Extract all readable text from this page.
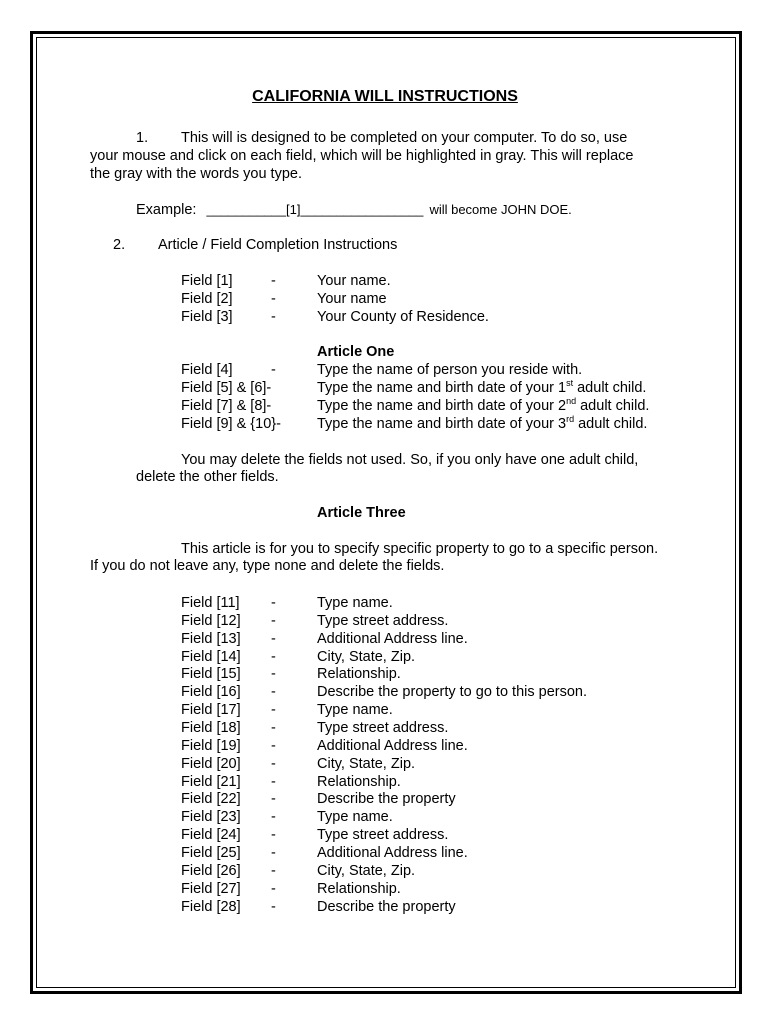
CALIFORNIA WILL INSTRUCTIONS
1. This will is designed to be completed on your computer. To do so, use
your mouse and click on each field, which will be highlighted in gray. This will replace
the gray with the words you type.
Example: ___________[1]_________________ will become JOHN DOE.
2. Article / Field Completion Instructions
Field [1]	-	Your name.
Field [2]	-	Your name
Field [3]	-	Your County of Residence.
Article One
Field [4]	-	Type the name of person you reside with.
Field [5] & [6]-	Type the name and birth date of your 1st adult child.
Field [7] & [8]-	Type the name and birth date of your 2nd adult child.
Field [9] & {10}- Type the name and birth date of your 3rd adult child.
You may delete the fields not used. So, if you only have one adult child,
delete the other fields.
Article Three
This article is for you to specify specific property to go to a specific person.
If you do not leave any, type none and delete the fields.
Field [11] -	Type name.
Field [12] -	Type street address.
Field [13] -	Additional Address line.
Field [14] -	City, State, Zip.
Field [15] -	Relationship.
Field [16] -	Describe the property to go to this person.
Field [17] -	Type name.
Field [18] -	Type street address.
Field [19] -	Additional Address line.
Field [20] -	City, State, Zip.
Field [21] -	Relationship.
Field [22] -	Describe the property
Field [23] -	Type name.
Field [24] -	Type street address.
Field [25] -	Additional Address line.
Field [26] -	City, State, Zip.
Field [27] -	Relationship.
Field [28] -	Describe the property
